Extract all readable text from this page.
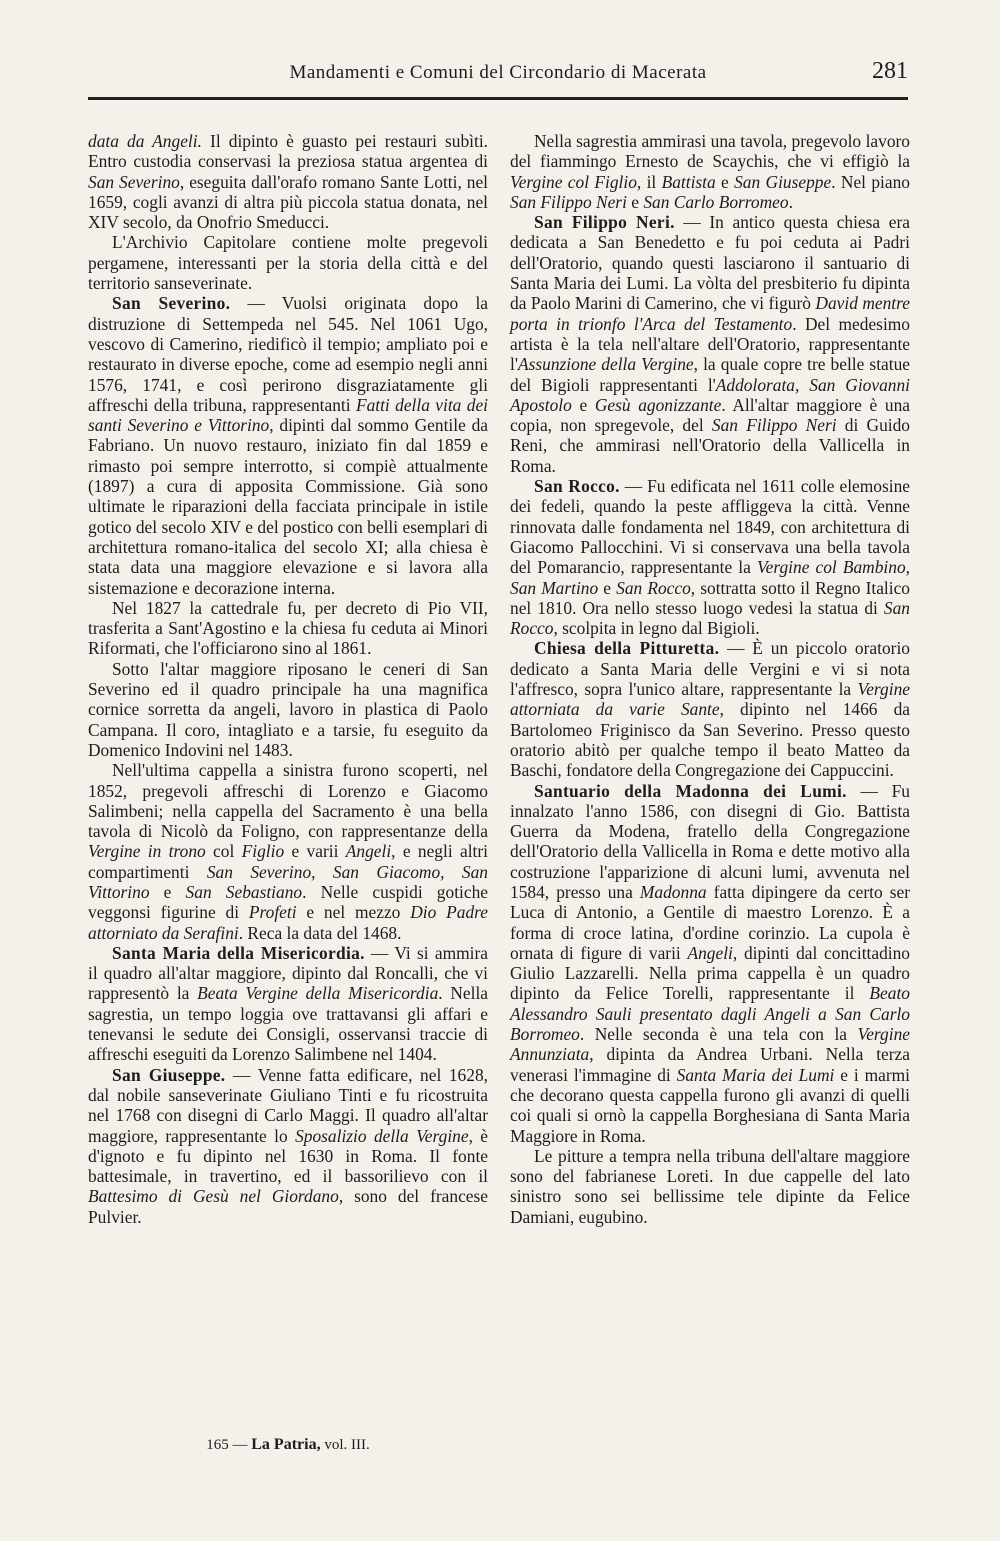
Mandamenti e Comuni del Circondario di Macerata	281

data da Angeli. Il dipinto è guasto pei restauri subìti. Entro custodia conservasi la preziosa statua argentea di San Severino, eseguita dall'orafo romano Sante Lotti, nel 1659, cogli avanzi di altra più piccola statua donata, nel XIV secolo, da Onofrio Smeducci.

L'Archivio Capitolare contiene molte pregevoli pergamene, interessanti per la storia della città e del territorio sanseverinate.

San Severino. — Vuolsi originata dopo la distruzione di Settempeda nel 545. Nel 1061 Ugo, vescovo di Camerino, riedificò il tempio; ampliato poi e restaurato in diverse epoche, come ad esempio negli anni 1576, 1741, e così perirono disgraziatamente gli affreschi della tribuna, rappresentanti Fatti della vita dei santi Severino e Vittorino, dipinti dal sommo Gentile da Fabriano. Un nuovo restauro, iniziato fin dal 1859 e rimasto poi sempre interrotto, si compiè attualmente (1897) a cura di apposita Commissione. Già sono ultimate le riparazioni della facciata principale in istile gotico del secolo XIV e del postico con belli esemplari di architettura romano-italica del secolo XI; alla chiesa è stata data una maggiore elevazione e si lavora alla sistemazione e decorazione interna.

Nel 1827 la cattedrale fu, per decreto di Pio VII, trasferita a Sant'Agostino e la chiesa fu ceduta ai Minori Riformati, che l'officiarono sino al 1861.

Sotto l'altar maggiore riposano le ceneri di San Severino ed il quadro principale ha una magnifica cornice sorretta da angeli, lavoro in plastica di Paolo Campana. Il coro, intagliato e a tarsie, fu eseguito da Domenico Indovini nel 1483.

Nell'ultima cappella a sinistra furono scoperti, nel 1852, pregevoli affreschi di Lorenzo e Giacomo Salimbeni; nella cappella del Sacramento è una bella tavola di Nicolò da Foligno, con rappresentanze della Vergine in trono col Figlio e varii Angeli, e negli altri compartimenti San Severino, San Giacomo, San Vittorino e San Sebastiano. Nelle cuspidi gotiche veggonsi figurine di Profeti e nel mezzo Dio Padre attorniato da Serafini. Reca la data del 1468.

Santa Maria della Misericordia. — Vi si ammira il quadro all'altar maggiore, dipinto dal Roncalli, che vi rappresentò la Beata Vergine della Misericordia. Nella sagrestia, un tempo loggia ove trattavansi gli affari e tenevansi le sedute dei Consigli, osservansi traccie di affreschi eseguiti da Lorenzo Salimbene nel 1404.

San Giuseppe. — Venne fatta edificare, nel 1628, dal nobile sanseverinate Giuliano Tinti e fu ricostruita nel 1768 con disegni di Carlo Maggi. Il quadro all'altar maggiore, rappresentante lo Sposalizio della Vergine, è d'ignoto e fu dipinto nel 1630 in Roma. Il fonte battesimale, in travertino, ed il bassorilievo con il Battesimo di Gesù nel Giordano, sono del francese Pulvier.

Nella sagrestia ammirasi una tavola, pregevolo lavoro del fiammingo Ernesto de Scaychis, che vi effigiò la Vergine col Figlio, il Battista e San Giuseppe. Nel piano San Filippo Neri e San Carlo Borromeo.

San Filippo Neri. — In antico questa chiesa era dedicata a San Benedetto e fu poi ceduta ai Padri dell'Oratorio, quando questi lasciarono il santuario di Santa Maria dei Lumi. La vòlta del presbiterio fu dipinta da Paolo Marini di Camerino, che vi figurò David mentre porta in trionfo l'Arca del Testamento. Del medesimo artista è la tela nell'altare dell'Oratorio, rappresentante l'Assunzione della Vergine, la quale copre tre belle statue del Bigioli rappresentanti l'Addolorata, San Giovanni Apostolo e Gesù agonizzante. All'altar maggiore è una copia, non spregevole, del San Filippo Neri di Guido Reni, che ammirasi nell'Oratorio della Vallicella in Roma.

San Rocco. — Fu edificata nel 1611 colle elemosine dei fedeli, quando la peste affliggeva la città. Venne rinnovata dalle fondamenta nel 1849, con architettura di Giacomo Pallocchini. Vi si conservava una bella tavola del Pomarancio, rappresentante la Vergine col Bambino, San Martino e San Rocco, sottratta sotto il Regno Italico nel 1810. Ora nello stesso luogo vedesi la statua di San Rocco, scolpita in legno dal Bigioli.

Chiesa della Pitturetta. — È un piccolo oratorio dedicato a Santa Maria delle Vergini e vi si nota l'affresco, sopra l'unico altare, rappresentante la Vergine attorniata da varie Sante, dipinto nel 1466 da Bartolomeo Friginisco da San Severino. Presso questo oratorio abitò per qualche tempo il beato Matteo da Baschi, fondatore della Congregazione dei Cappuccini.

Santuario della Madonna dei Lumi. — Fu innalzato l'anno 1586, con disegni di Gio. Battista Guerra da Modena, fratello della Congregazione dell'Oratorio della Vallicella in Roma e dette motivo alla costruzione l'apparizione di alcuni lumi, avvenuta nel 1584, presso una Madonna fatta dipingere da certo ser Luca di Antonio, a Gentile di maestro Lorenzo. È a forma di croce latina, d'ordine corinzio. La cupola è ornata di figure di varii Angeli, dipinti dal concittadino Giulio Lazzarelli. Nella prima cappella è un quadro dipinto da Felice Torelli, rappresentante il Beato Alessandro Sauli presentato dagli Angeli a San Carlo Borromeo. Nelle seconda è una tela con la Vergine Annunziata, dipinta da Andrea Urbani. Nella terza venerasi l'immagine di Santa Maria dei Lumi e i marmi che decorano questa cappella furono gli avanzi di quelli coi quali si ornò la cappella Borghesiana di Santa Maria Maggiore in Roma.

Le pitture a tempra nella tribuna dell'altare maggiore sono del fabrianese Loreti. In due cappelle del lato sinistro sono sei bellissime tele dipinte da Felice Damiani, eugubino.

165 — La Patria, vol. III.
